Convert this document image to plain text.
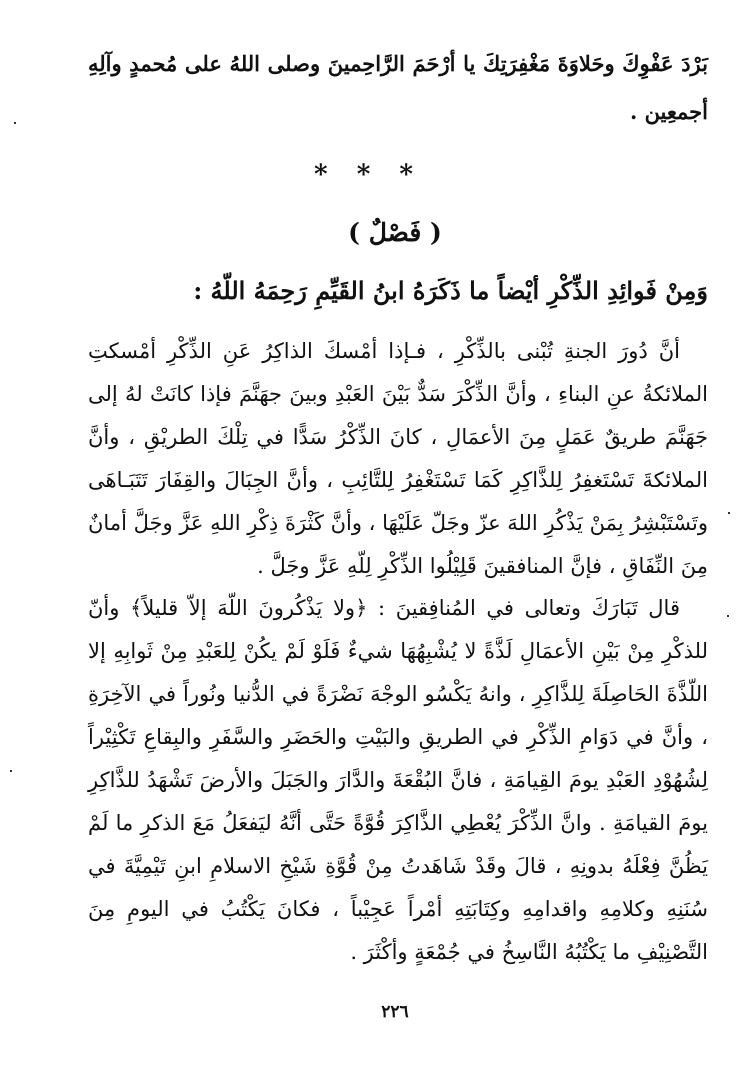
بَرْدَ عَفْوِكَ وحَلاوَةَ مَغْفِرَتِكَ يا أرْحَمَ الرَّاحِمينَ وصلى اللهُ على مُحمدٍ وآلِهِ أجمعِين .
* * *
( فَصْلٌ )
وَمِنْ فَوائِدِ الذِّكْرِ أيْضاً ما ذَكَرَهُ ابنُ القَيِّمِ رَحِمَهُ اللّهُ :

أنَّ دُورَ الجنةِ تُبْنى بالذِّكْرِ ، فـإذا أمْسكَ الذاكِرُ عَنِ الذِّكْرِ أمْسكتِ الملائكةُ عنِ البناءِ ، وأنَّ الذِّكْرَ سَدٌّ بَيْنَ العَبْدِ وبينَ جهَنَّمَ فإذا كانَتْ لهُ إلى جَهَنَّمَ طريقٌ عَمَلٍ مِنَ الأعمَالِ ، كانَ الذِّكْرُ سَدًّا في تِلْكَ الطريْقِ ، وأنَّ الملائكةَ تَسْتَغفِرُ لِلذَّاكِرِ كَمَا تَسْتَغْفِرُ لِلتَّائِبِ ، وأنَّ الجِبَالَ والقِفَارَ تَتَبَـاهَى وتَسْتَبْشِرُ بِمَنْ يَذْكُرِ اللهَ عزّ وجَلّ عَلَيْهَا ، وأنَّ كَثْرَةَ ذِكْرِ اللهِ عَزَّ وجَلَّ أمانٌ مِنَ النِّفَاقِ ، فإنَّ المنافقينَ قَلِيْلُوا الذِّكْرِ لِلّهِ عَزَّ وجَلَّ .

قال تَبَارَكَ وتعالى في المُنافِقينَ : ﴿ولا يَذْكُرونَ اللّهَ إلاّ قليلاً﴾ وأنّ للذكْرِ مِنْ بَيْنِ الأعمَالِ لَذَّةً لا يُشْبِهُهَا شيءٌ فَلَوْ لَمْ يكُنْ لِلعَبْدِ مِنْ ثَوابِهِ إلا اللّذَّةَ الحَاصِلَةَ لِلذَّاكِرِ ، وانهُ يَكْسُو الوجْهَ نَضْرَةً في الدُّنيا ونُوراً في الآخِرَةِ ، وأنَّ في دَوَامِ الذِّكْرِ في الطريقِ والبَيْتِ والحَضَرِ والسَّفَرِ والبِقاعِ تَكْثِيْراً لِشُهُوْدِ العَبْدِ يومَ القِيامَةِ ، فانَّ البُقْعَةَ والدَّارَ والجَبَلَ والأرضَ تَشْهَدُ للذَّاكِرِ يومَ القيامَةِ . وانَّ الذِّكْرَ يُعْطِي الذَّاكِرَ قُوَّةً حَتَّى أنَّهُ ليَفعَلُ مَعَ الذكرِ ما لَمْ يَظُنَّ فِعْلَهُ بدونِهِ ، قالَ وقَدْ شَاهَدتُ مِنْ قُوَّةِ شَيْخِ الاسلامِ ابنِ تَيْمِيَّةَ في سُنَنِهِ وكلامِهِ واقدامِهِ وكِتَابَتِهِ أمْراً عَجِيْباً ، فكانَ يَكْتُبُ في اليومِ مِنَ التَّصْنِيْفِ ما يَكْتُبُهُ النَّاسِخُ في جُمْعَةٍ وأكْثَرَ .

٢٢٦
